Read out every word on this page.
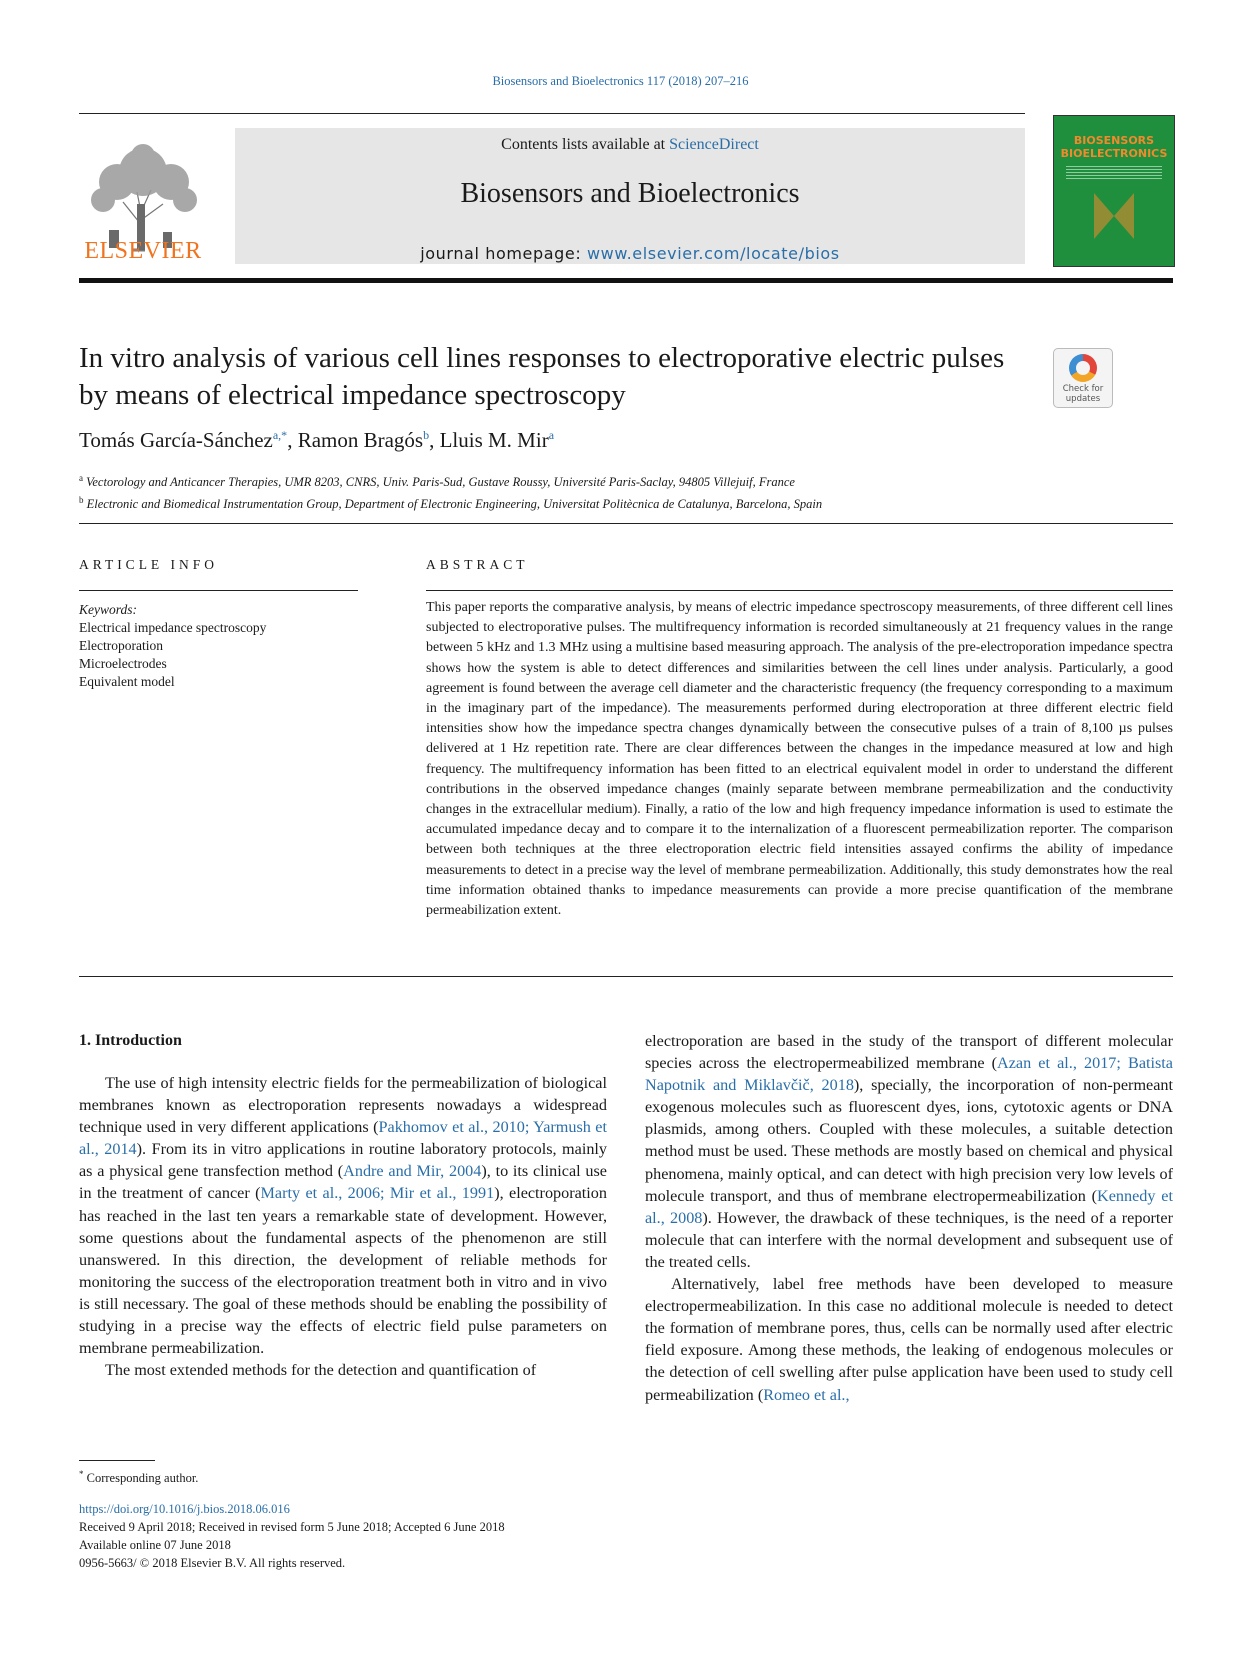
Biosensors and Bioelectronics 117 (2018) 207–216
ELSEVIER
Contents lists available at ScienceDirect
Biosensors and Bioelectronics
journal homepage: www.elsevier.com/locate/bios
BIOSENSORS
BIOELECTRONICS
In vitro analysis of various cell lines responses to electroporative electric pulses by means of electrical impedance spectroscopy	Check for
updates
Tomás García-Sánchez$^{a,*}$, Ramon Bragós$^b$, Lluis M. Mir$^a$
$^a$ Vectorology and Anticancer Therapies, UMR 8203, CNRS, Univ. Paris-Sud, Gustave Roussy, Université Paris-Saclay, 94805 Villejuif, France
$^b$ Electronic and Biomedical Instrumentation Group, Department of Electronic Engineering, Universitat Politècnica de Catalunya, Barcelona, Spain
ARTICLE INFO
Keywords:
Electrical impedance spectroscopy
Electroporation
Microelectrodes
Equivalent model
ABSTRACT

This paper reports the comparative analysis, by means of electric impedance spectroscopy measurements, of three different cell lines subjected to electroporative pulses. The multifrequency information is recorded simultaneously at 21 frequency values in the range between 5 kHz and 1.3 MHz using a multisine based measuring approach. The analysis of the pre-electroporation impedance spectra shows how the system is able to detect differences and similarities between the cell lines under analysis. Particularly, a good agreement is found between the average cell diameter and the characteristic frequency (the frequency corresponding to a maximum in the imaginary part of the impedance). The measurements performed during electroporation at three different electric field intensities show how the impedance spectra changes dynamically between the consecutive pulses of a train of 8,100 µs pulses delivered at 1 Hz repetition rate. There are clear differences between the changes in the impedance measured at low and high frequency. The multifrequency information has been fitted to an electrical equivalent model in order to understand the different contributions in the observed impedance changes (mainly separate between membrane permeabilization and the conductivity changes in the extracellular medium). Finally, a ratio of the low and high frequency impedance information is used to estimate the accumulated impedance decay and to compare it to the internalization of a fluorescent permeabilization reporter. The comparison between both techniques at the three electroporation electric field intensities assayed confirms the ability of impedance measurements to detect in a precise way the level of membrane permeabilization. Additionally, this study demonstrates how the real time information obtained thanks to impedance measurements can provide a more precise quantification of the membrane permeabilization extent.

1. Introduction

The use of high intensity electric fields for the permeabilization of biological membranes known as electroporation represents nowadays a widespread technique used in very different applications (Pakhomov et al., 2010; Yarmush et al., 2014). From its in vitro applications in routine laboratory protocols, mainly as a physical gene transfection method (Andre and Mir, 2004), to its clinical use in the treatment of cancer (Marty et al., 2006; Mir et al., 1991), electroporation has reached in the last ten years a remarkable state of development. However, some questions about the fundamental aspects of the phenomenon are still unanswered. In this direction, the development of reliable methods for monitoring the success of the electroporation treatment both in vitro and in vivo is still necessary. The goal of these methods should be enabling the possibility of studying in a precise way the effects of electric field pulse parameters on membrane permeabilization.

The most extended methods for the detection and quantification of

electroporation are based in the study of the transport of different molecular species across the electropermeabilized membrane (Azan et al., 2017; Batista Napotnik and Miklavčič, 2018), specially, the incorporation of non-permeant exogenous molecules such as fluorescent dyes, ions, cytotoxic agents or DNA plasmids, among others. Coupled with these molecules, a suitable detection method must be used. These methods are mostly based on chemical and physical phenomena, mainly optical, and can detect with high precision very low levels of molecule transport, and thus of membrane electropermeabilization (Kennedy et al., 2008). However, the drawback of these techniques, is the need of a reporter molecule that can interfere with the normal development and subsequent use of the treated cells.

Alternatively, label free methods have been developed to measure electropermeabilization. In this case no additional molecule is needed to detect the formation of membrane pores, thus, cells can be normally used after electric field exposure. Among these methods, the leaking of endogenous molecules or the detection of cell swelling after pulse application have been used to study cell permeabilization (Romeo et al.,

* Corresponding author.
https://doi.org/10.1016/j.bios.2018.06.016
Received 9 April 2018; Received in revised form 5 June 2018; Accepted 6 June 2018
Available online 07 June 2018
0956-5663/ © 2018 Elsevier B.V. All rights reserved.
